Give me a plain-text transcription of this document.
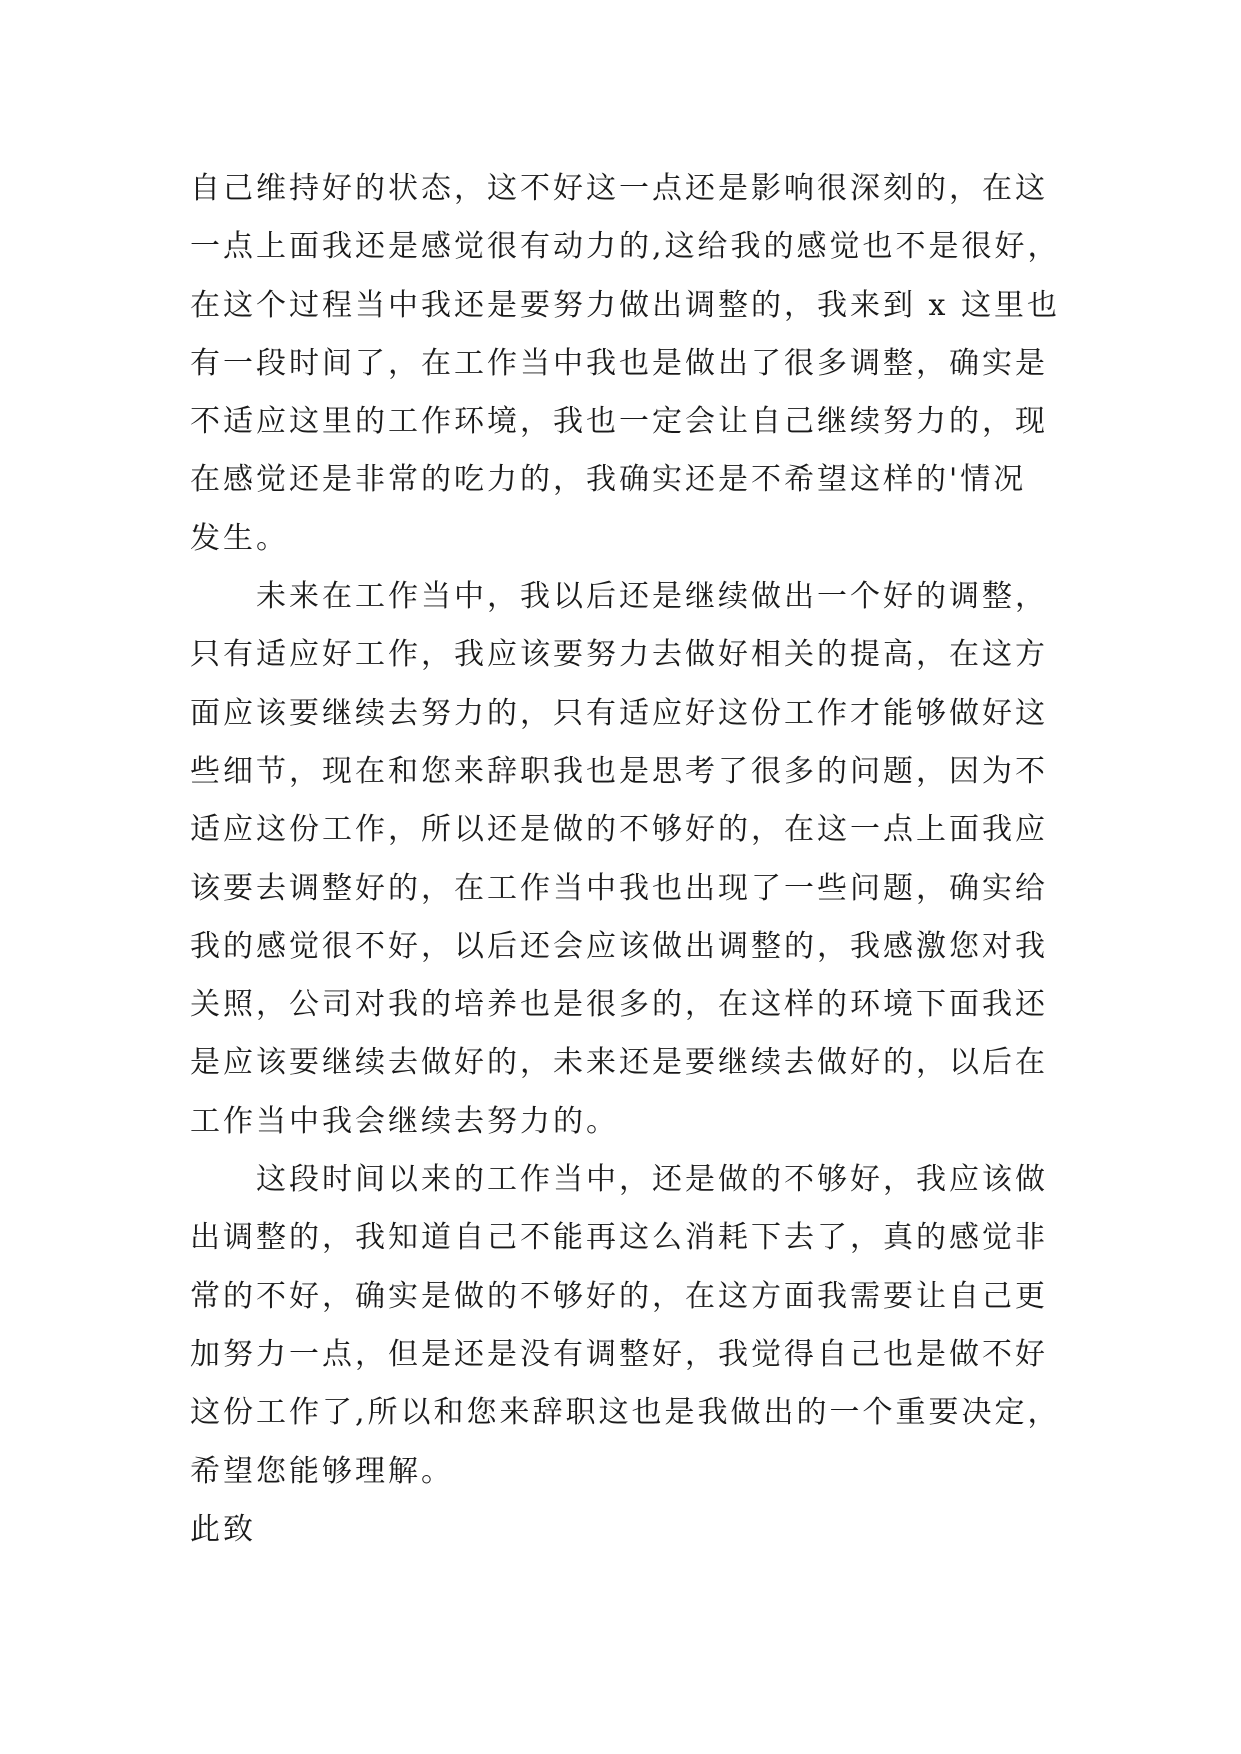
自己维持好的状态，这不好这一点还是影响很深刻的，在这
一点上面我还是感觉很有动力的,这给我的感觉也不是很好，
在这个过程当中我还是要努力做出调整的，我来到 x 这里也
有一段时间了，在工作当中我也是做出了很多调整，确实是
不适应这里的工作环境，我也一定会让自己继续努力的，现
在感觉还是非常的吃力的，我确实还是不希望这样的'情况
发生。
　　未来在工作当中，我以后还是继续做出一个好的调整，
只有适应好工作，我应该要努力去做好相关的提高，在这方
面应该要继续去努力的，只有适应好这份工作才能够做好这
些细节，现在和您来辞职我也是思考了很多的问题，因为不
适应这份工作，所以还是做的不够好的，在这一点上面我应
该要去调整好的，在工作当中我也出现了一些问题，确实给
我的感觉很不好，以后还会应该做出调整的，我感激您对我
关照，公司对我的培养也是很多的，在这样的环境下面我还
是应该要继续去做好的，未来还是要继续去做好的，以后在
工作当中我会继续去努力的。
　　这段时间以来的工作当中，还是做的不够好，我应该做
出调整的，我知道自己不能再这么消耗下去了，真的感觉非
常的不好，确实是做的不够好的，在这方面我需要让自己更
加努力一点，但是还是没有调整好，我觉得自己也是做不好
这份工作了,所以和您来辞职这也是我做出的一个重要决定，
希望您能够理解。
此致
